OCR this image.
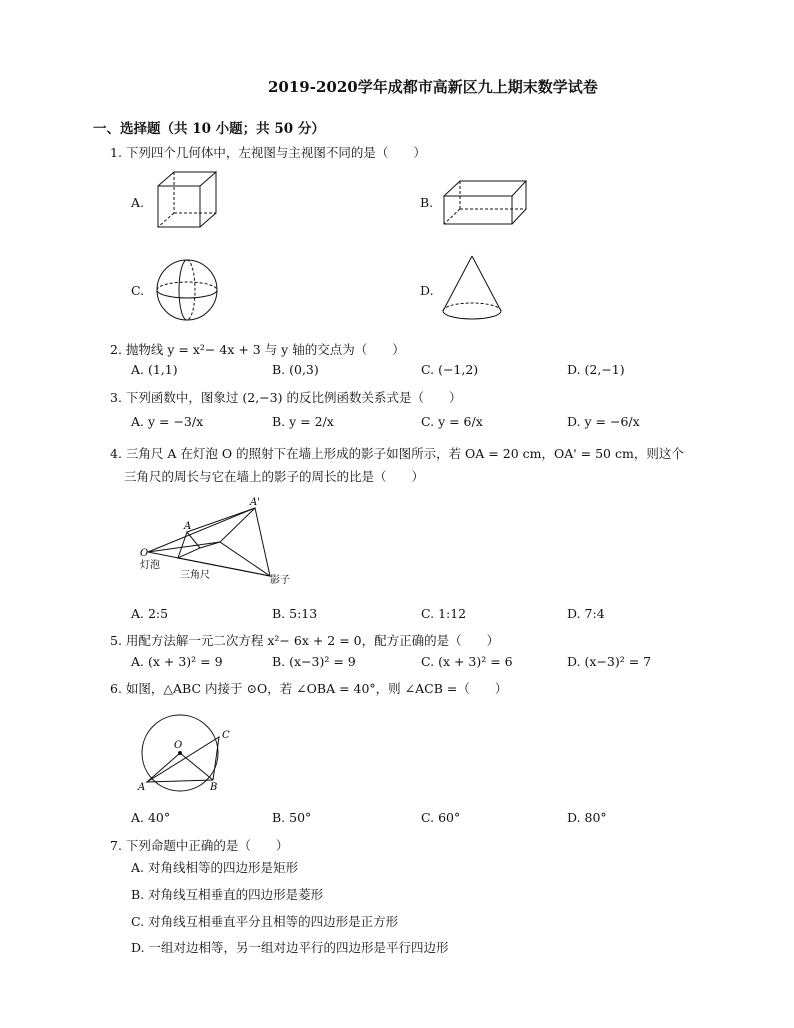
2019-2020学年成都市高新区九上期末数学试卷
一、选择题（共 10 小题；共 50 分）
1. 下列四个几何体中，左视图与主视图不同的是（　　）
A.	B.
C.	D.
2. 抛物线 y = x²− 4x + 3 与 y 轴的交点为（　　）
A. (1,1)	B. (0,3)	C. (−1,2)	D. (2,−1)
3. 下列函数中，图象过 (2,−3) 的反比例函数关系式是（　　）
A. y = −3/x	B. y = 2/x	C. y = 6/x	D. y = −6/x
4. 三角尺 A 在灯泡 O 的照射下在墙上形成的影子如图所示，若 OA = 20 cm，OA' = 50 cm，则这个
三角尺的周长与它在墙上的影子的周长的比是（　　）
A'
A
O
灯泡
三角尺	影子
A. 2:5	B. 5:13	C. 1:12	D. 7:4
5. 用配方法解一元二次方程 x²− 6x + 2 = 0，配方正确的是（　　）
A. (x + 3)² = 9	B. (x−3)² = 9	C. (x + 3)² = 6	D. (x−3)² = 7
6. 如图，△ABC 内接于 ⊙O，若 ∠OBA = 40°，则 ∠ACB =（　　）
O
A	B
C
A. 40°	B. 50°	C. 60°	D. 80°
7. 下列命题中正确的是（　　）
A. 对角线相等的四边形是矩形
B. 对角线互相垂直的四边形是菱形
C. 对角线互相垂直平分且相等的四边形是正方形
D. 一组对边相等，另一组对边平行的四边形是平行四边形
